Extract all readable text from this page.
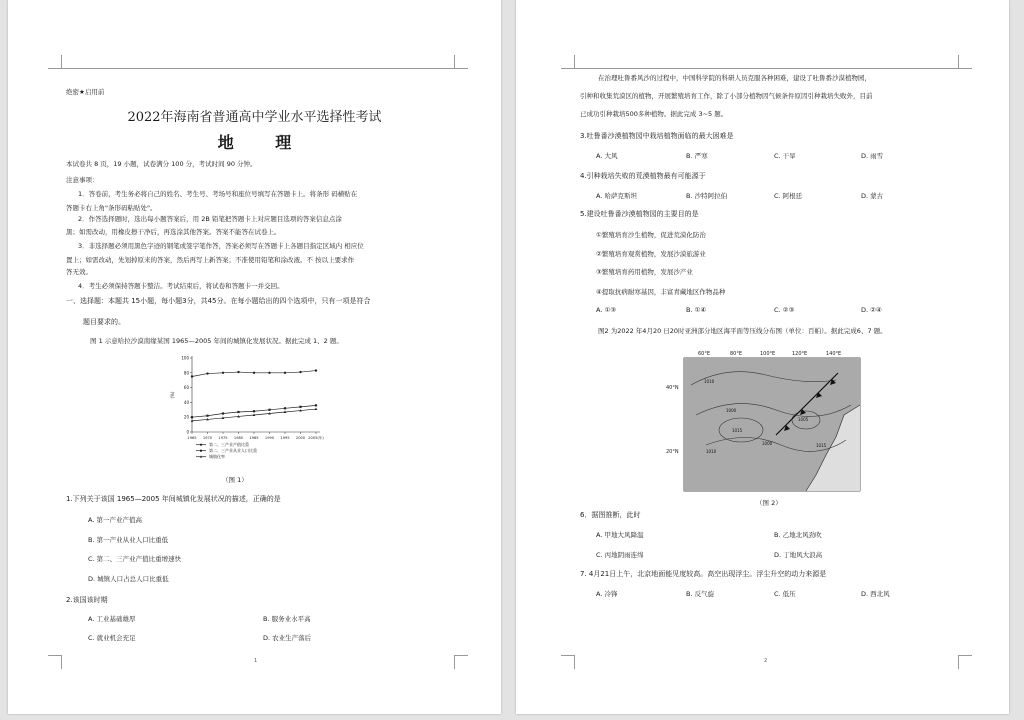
绝密★启用前
2022年海南省普通高中学业水平选择性考试
地 理
本试卷共 8 页，19 小题，试卷满分 100 分，考试时间 90 分钟。
注意事项：
1．答卷前，考生务必将自己的姓名、考生号、考场号和座位号填写在答题卡上。将条形 码横贴在
答题卡右上角"条形码粘贴处"。
2．作答选择题时，选出每小题答案后，用 2B 铅笔把答题卡上对应题目选项的答案信息点涂
黑；如需改动，用橡皮擦干净后，再选涂其他答案。答案不能答在试卷上。
3．非选择题必须用黑色字迹的钢笔或签字笔作答，答案必须写在答题卡上各题目指定区域内 相应位
置上；如需改动，先划掉原来的答案，然后再写上新答案；不准使用铅笔和涂改液。不 按以上要求作
答无效。
4．考生必须保持答题卡整洁。考试结束后，将试卷和答题卡一并交回。
一、选择题：本题共 15小题，每小题3分，共45分。在每小题给出的四个选项中，只有一项是符合
题目要求的。
图 1 示意哈拉沙漠南缘某国 1965—2005 年间的城镇化发展状况。据此完成 1、2 题。
0
20
40
60
80
100
(%)
1965 1970 1975 1980 1985 1990 1995 2000 2005(年)
第二、三产业产值比重
第二、三产业从业人口比重
城镇化率
（图 1）
1.下列关于该国 1965—2005 年间城镇化发展状况的描述，正确的是
A. 第一产业产值高
B. 第一产业从业人口比重低
C. 第二、三产业产值比重增速快
D. 城镇人口占总人口比重低
2.该国该时期
A. 工业基础雄厚	B. 服务业水平高
C. 就业机会充足	D. 农业生产落后
1
在治理吐鲁番风沙的过程中，中国科学院的科研人员克服各种困难，建设了吐鲁番沙漠植物园，
引种和收集荒漠区的植物，开展繁殖培育工作，除了小部分植物因气候条件原因引种栽培失败外，目前
已成功引种栽培500多种植物。据此完成 3~5 题。
3.吐鲁番沙漠植物园中栽培植物面临的最大困难是
A. 大风	B. 严寒	C. 干旱	D. 雨雪
4.引种栽培失败的荒漠植物最有可能源于
A. 哈萨克斯坦	B. 沙特阿拉伯	C. 阿根廷	D. 蒙古
5.建设吐鲁番沙漠植物园的主要目的是
①繁殖培育沙生植物，促进荒漠化防治
②繁殖培育观赏植物，发展沙漠旅游业
③繁殖培育药用植物，发展沙产业
④提取抗病耐寒基因，丰富青藏地区作物品种
A. ①③	B. ①④	C. ②③	D. ②④
图2 为2022 年4月20 日20时亚洲部分地区海平面等压线分布图（单位：百帕）。据此完成6、7 题。
60°E	80°E	100°E	120°E	140°E
40°N
20°N
1010
1000
1015
1005
1010
1000	1015
（图 2）
6．据图推断，此时
A. 甲地大风降温	B. 乙地北风劲吹
C. 丙地阴雨连绵	D. 丁地风大浪高
7. 4月21日上午，北京地面能见度较高。高空出现浮尘。浮尘升空的动力来源是
A. 冷锋	B. 反气旋	C. 低压	D. 西北风
2
